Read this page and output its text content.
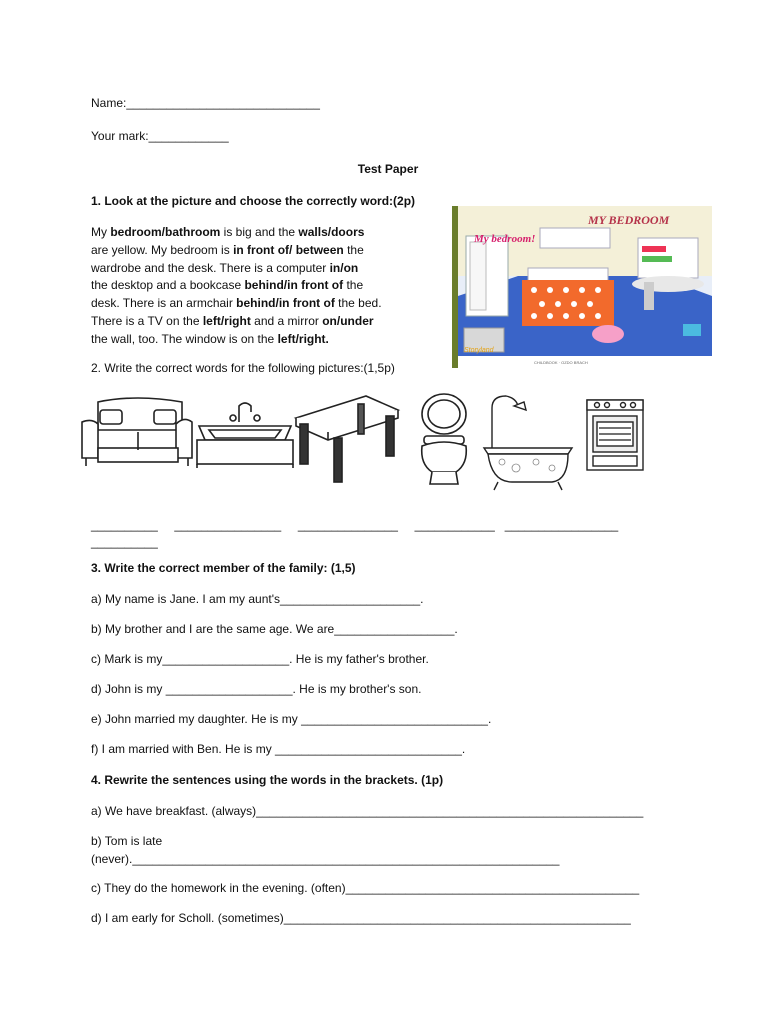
Name:_____________________________
Your mark:____________
Test Paper
1. Look at the picture and choose the correctly word:(2p)
My bedroom/bathroom is big and the walls/doors
are yellow. My bedroom is in front of/ between the
wardrobe and the desk. There is a computer in/on
the desktop and a bookcase behind/in front of the
desk. There is an armchair behind/in front of the bed.
There is a TV on the left/right and a mirror on/under
the wall, too. The window is on the left/right.
MY BEDROOM
My bedroom!
Storyland
CHILDBOOK · OZDO BRACH
2. Write the correct words for the following pictures:(1,5p)
__________ ________________ _______________ ____________ _________________
__________
3. Write the correct member of the family: (1,5)
a) My name is Jane. I am my aunt's_____________________.
b) My brother and I are the same age. We are__________________.
c) Mark is my___________________. He is my father's brother.
d) John is my ___________________. He is my brother's son.
e) John married my daughter. He is my ____________________________.
f) I am married with Ben. He is my ____________________________.
4. Rewrite the sentences using the words in the brackets. (1p)
a) We have breakfast. (always)__________________________________________________________
b) Tom is late
(never).________________________________________________________________
c) They do the homework in the evening. (often)____________________________________________
d) I am early for Scholl. (sometimes)____________________________________________________
